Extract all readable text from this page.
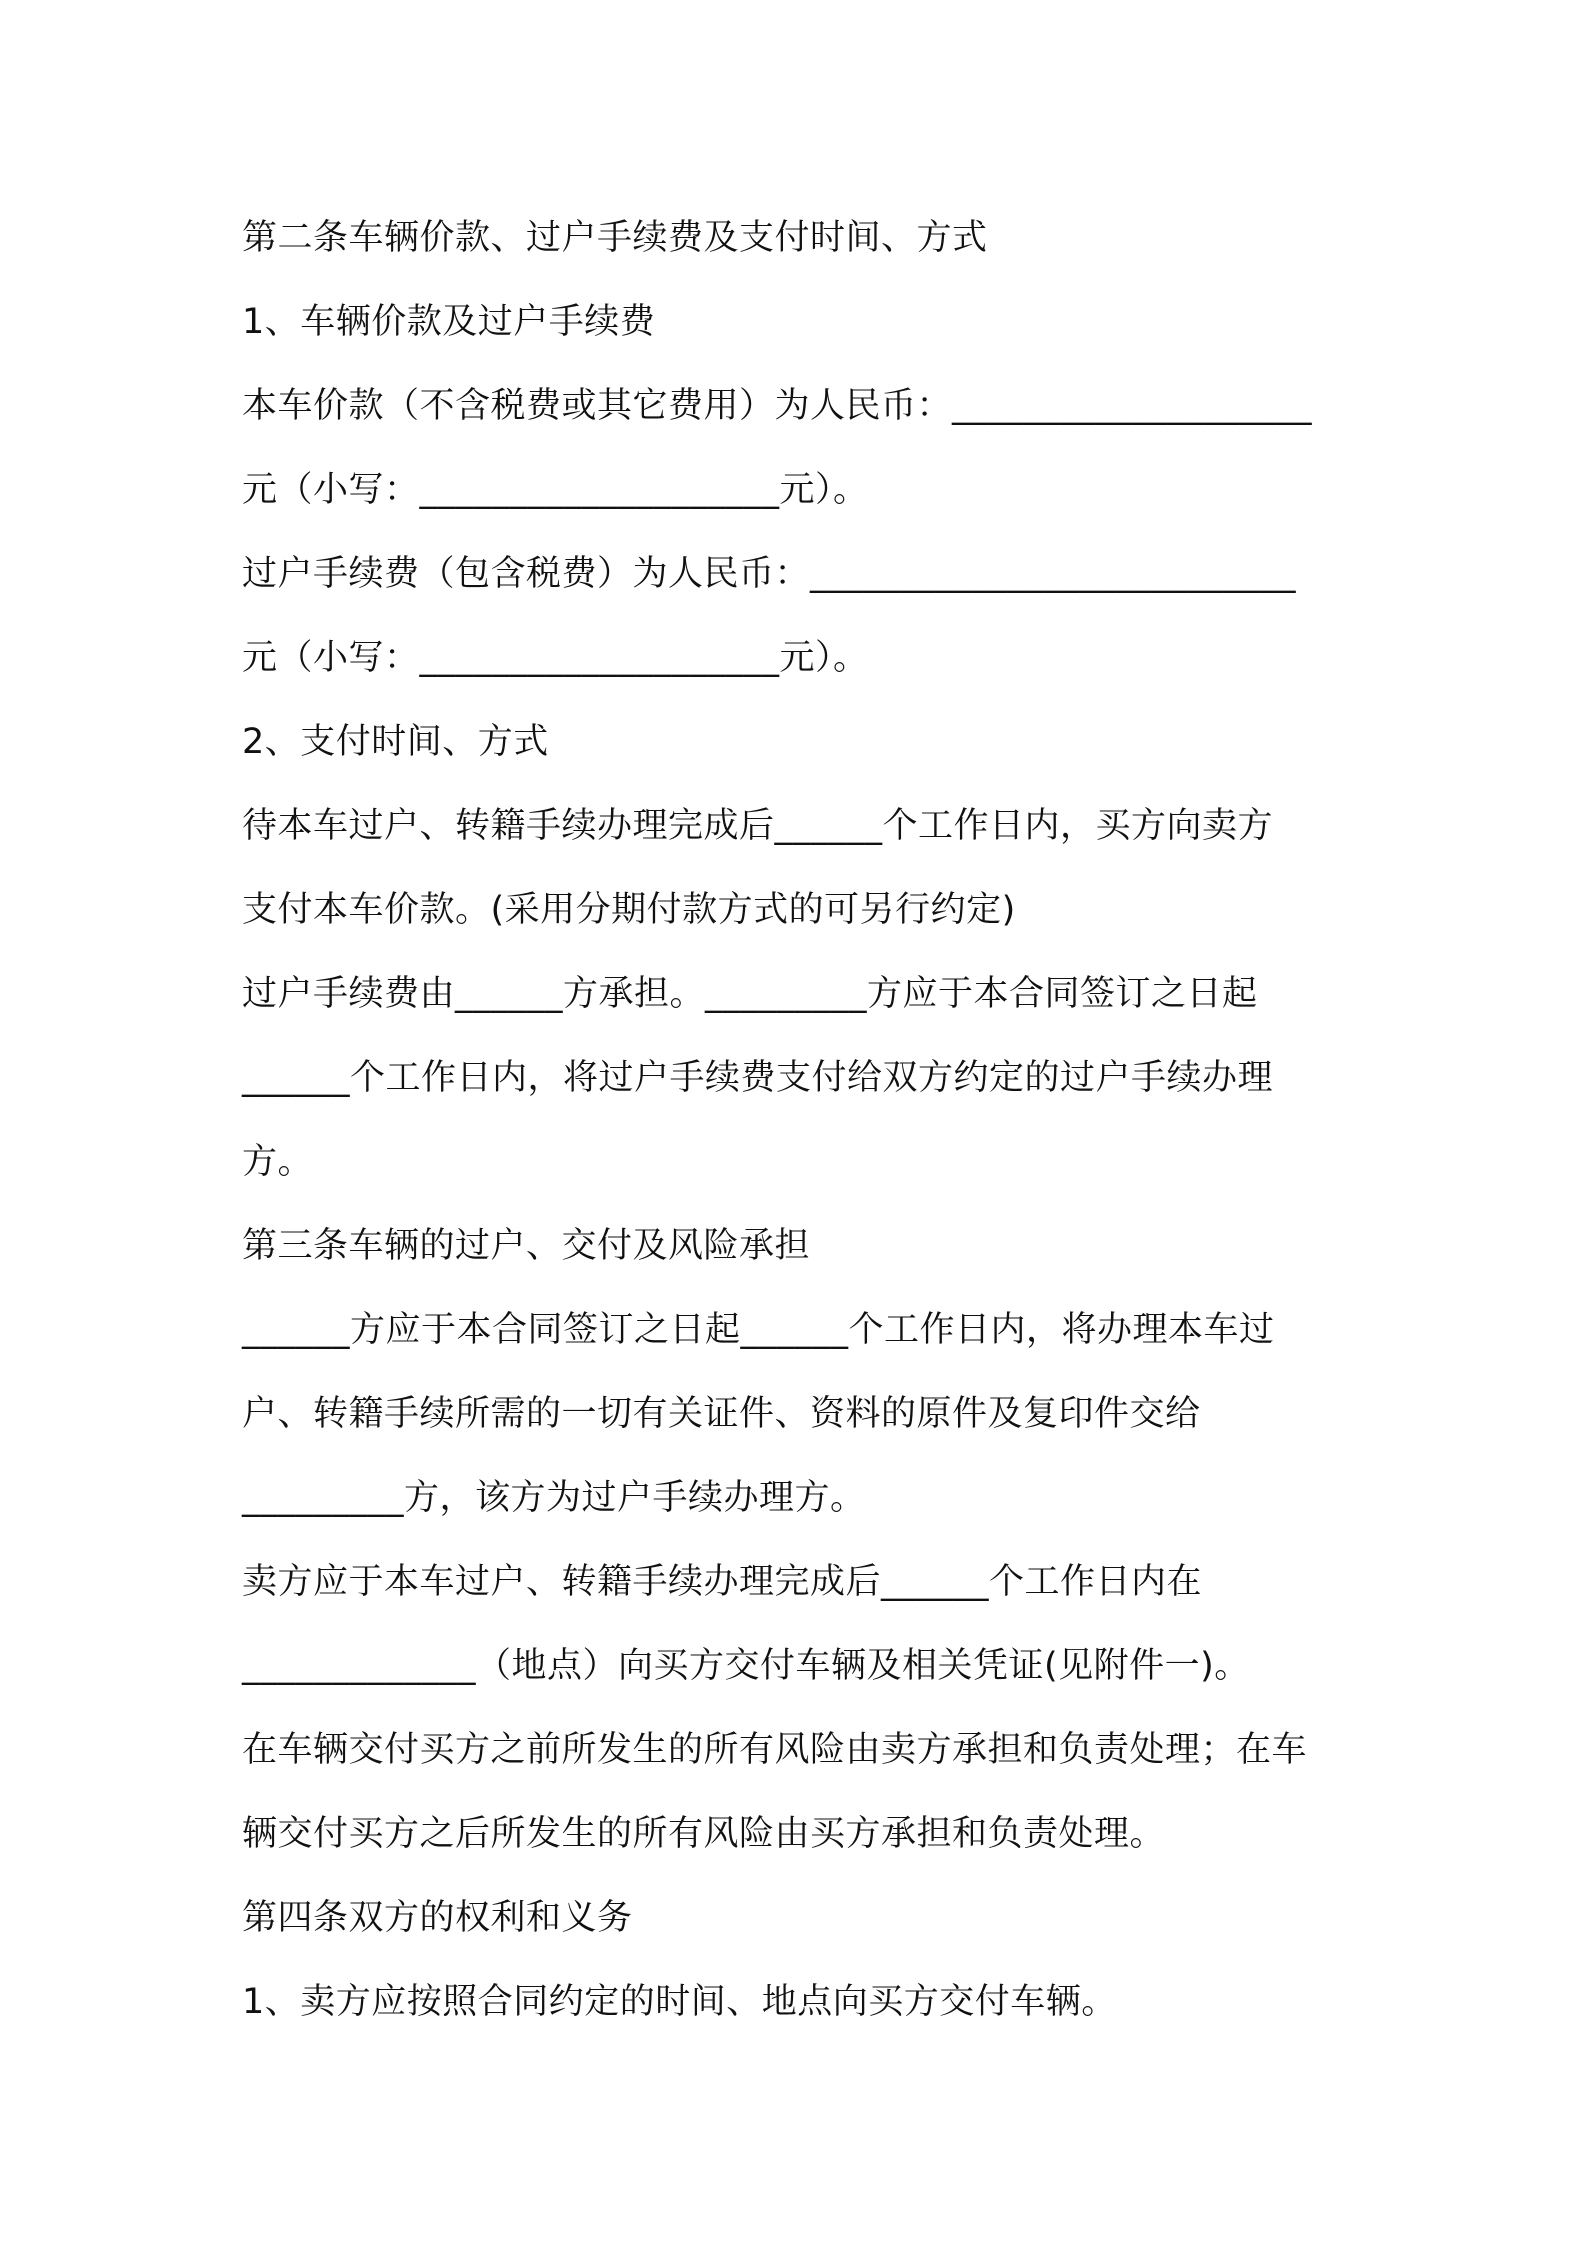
第二条车辆价款、过户手续费及支付时间、方式
1、车辆价款及过户手续费
本车价款（不含税费或其它费用）为人民币：____________________
元（小写：____________________元）。
过户手续费（包含税费）为人民币：___________________________
元（小写：____________________元）。
2、支付时间、方式
待本车过户、转籍手续办理完成后______个工作日内，买方向卖方
支付本车价款。(采用分期付款方式的可另行约定)
过户手续费由______方承担。_________方应于本合同签订之日起
______个工作日内，将过户手续费支付给双方约定的过户手续办理
方。
第三条车辆的过户、交付及风险承担
______方应于本合同签订之日起______个工作日内，将办理本车过
户、转籍手续所需的一切有关证件、资料的原件及复印件交给
_________方，该方为过户手续办理方。
卖方应于本车过户、转籍手续办理完成后______个工作日内在
_____________（地点）向买方交付车辆及相关凭证(见附件一)。
在车辆交付买方之前所发生的所有风险由卖方承担和负责处理；在车
辆交付买方之后所发生的所有风险由买方承担和负责处理。
第四条双方的权利和义务
1、卖方应按照合同约定的时间、地点向买方交付车辆。
